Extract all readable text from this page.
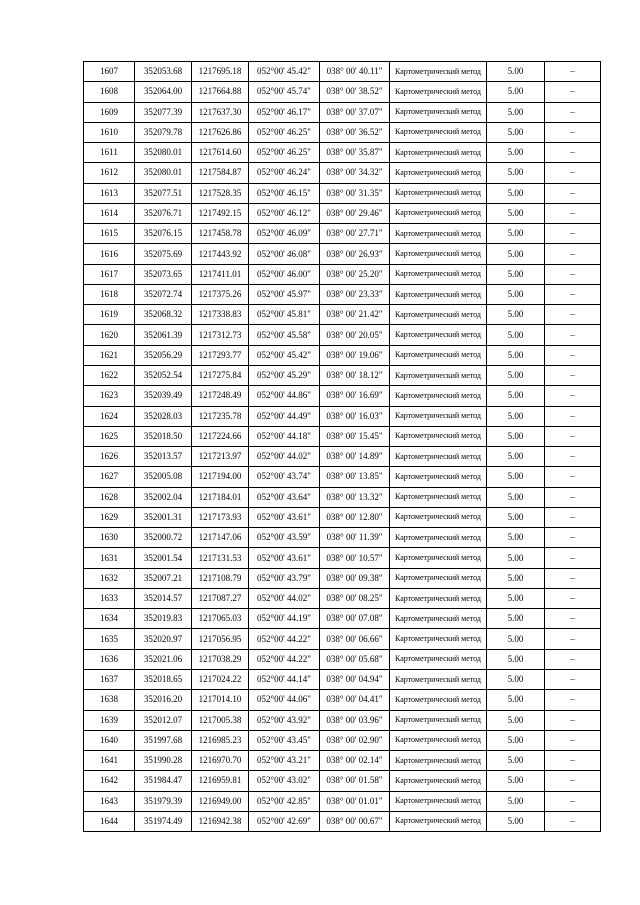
1607	352053.68	1217695.18	052°00' 45.42"	038° 00' 40.11"	Картометрический метод	5.00	–
1608	352064.00	1217664.88	052°00' 45.74"	038° 00' 38.52"	Картометрический метод	5.00	–
1609	352077.39	1217637.30	052°00' 46.17"	038° 00' 37.07"	Картометрический метод	5.00	–
1610	352079.78	1217626.86	052°00' 46.25"	038° 00' 36.52"	Картометрический метод	5.00	–
1611	352080.01	1217614.60	052°00' 46.25"	038° 00' 35.87"	Картометрический метод	5.00	–
1612	352080.01	1217584.87	052°00' 46.24"	038° 00' 34.32"	Картометрический метод	5.00	–
1613	352077.51	1217528.35	052°00' 46.15"	038° 00' 31.35"	Картометрический метод	5.00	–
1614	352076.71	1217492.15	052°00' 46.12"	038° 00' 29.46"	Картометрический метод	5.00	–
1615	352076.15	1217458.78	052°00' 46.09"	038° 00' 27.71"	Картометрический метод	5.00	–
1616	352075.69	1217443.92	052°00' 46.08"	038° 00' 26.93"	Картометрический метод	5.00	–
1617	352073.65	1217411.01	052°00' 46.00"	038° 00' 25.20"	Картометрический метод	5.00	–
1618	352072.74	1217375.26	052°00' 45.97"	038° 00' 23.33"	Картометрический метод	5.00	–
1619	352068.32	1217338.83	052°00' 45.81"	038° 00' 21.42"	Картометрический метод	5.00	–
1620	352061.39	1217312.73	052°00' 45.58"	038° 00' 20.05"	Картометрический метод	5.00	–
1621	352056.29	1217293.77	052°00' 45.42"	038° 00' 19.06"	Картометрический метод	5.00	–
1622	352052.54	1217275.84	052°00' 45.29"	038° 00' 18.12"	Картометрический метод	5.00	–
1623	352039.49	1217248.49	052°00' 44.86"	038° 00' 16.69"	Картометрический метод	5.00	–
1624	352028.03	1217235.78	052°00' 44.49"	038° 00' 16.03"	Картометрический метод	5.00	–
1625	352018.50	1217224.66	052°00' 44.18"	038° 00' 15.45"	Картометрический метод	5.00	–
1626	352013.57	1217213.97	052°00' 44.02"	038° 00' 14.89"	Картометрический метод	5.00	–
1627	352005.08	1217194.00	052°00' 43.74"	038° 00' 13.85"	Картометрический метод	5.00	–
1628	352002.04	1217184.01	052°00' 43.64"	038° 00' 13.32"	Картометрический метод	5.00	–
1629	352001.31	1217173.93	052°00' 43.61"	038° 00' 12.80"	Картометрический метод	5.00	–
1630	352000.72	1217147.06	052°00' 43.59"	038° 00' 11.39"	Картометрический метод	5.00	–
1631	352001.54	1217131.53	052°00' 43.61"	038° 00' 10.57"	Картометрический метод	5.00	–
1632	352007.21	1217108.79	052°00' 43.79"	038° 00' 09.38"	Картометрический метод	5.00	–
1633	352014.57	1217087.27	052°00' 44.02"	038° 00' 08.25"	Картометрический метод	5.00	–
1634	352019.83	1217065.03	052°00' 44.19"	038° 00' 07.08"	Картометрический метод	5.00	–
1635	352020.97	1217056.95	052°00' 44.22"	038° 00' 06.66"	Картометрический метод	5.00	–
1636	352021.06	1217038.29	052°00' 44.22"	038° 00' 05.68"	Картометрический метод	5.00	–
1637	352018.65	1217024.22	052°00' 44.14"	038° 00' 04.94"	Картометрический метод	5.00	–
1638	352016.20	1217014.10	052°00' 44.06"	038° 00' 04.41"	Картометрический метод	5.00	–
1639	352012.07	1217005.38	052°00' 43.92"	038° 00' 03.96"	Картометрический метод	5.00	–
1640	351997.68	1216985.23	052°00' 43.45"	038° 00' 02.90"	Картометрический метод	5.00	–
1641	351990.28	1216970.70	052°00' 43.21"	038° 00' 02.14"	Картометрический метод	5.00	–
1642	351984.47	1216959.81	052°00' 43.02"	038° 00' 01.58"	Картометрический метод	5.00	–
1643	351979.39	1216949.00	052°00' 42.85"	038° 00' 01.01"	Картометрический метод	5.00	–
1644	351974.49	1216942.38	052°00' 42.69"	038° 00' 00.67"	Картометрический метод	5.00	–
